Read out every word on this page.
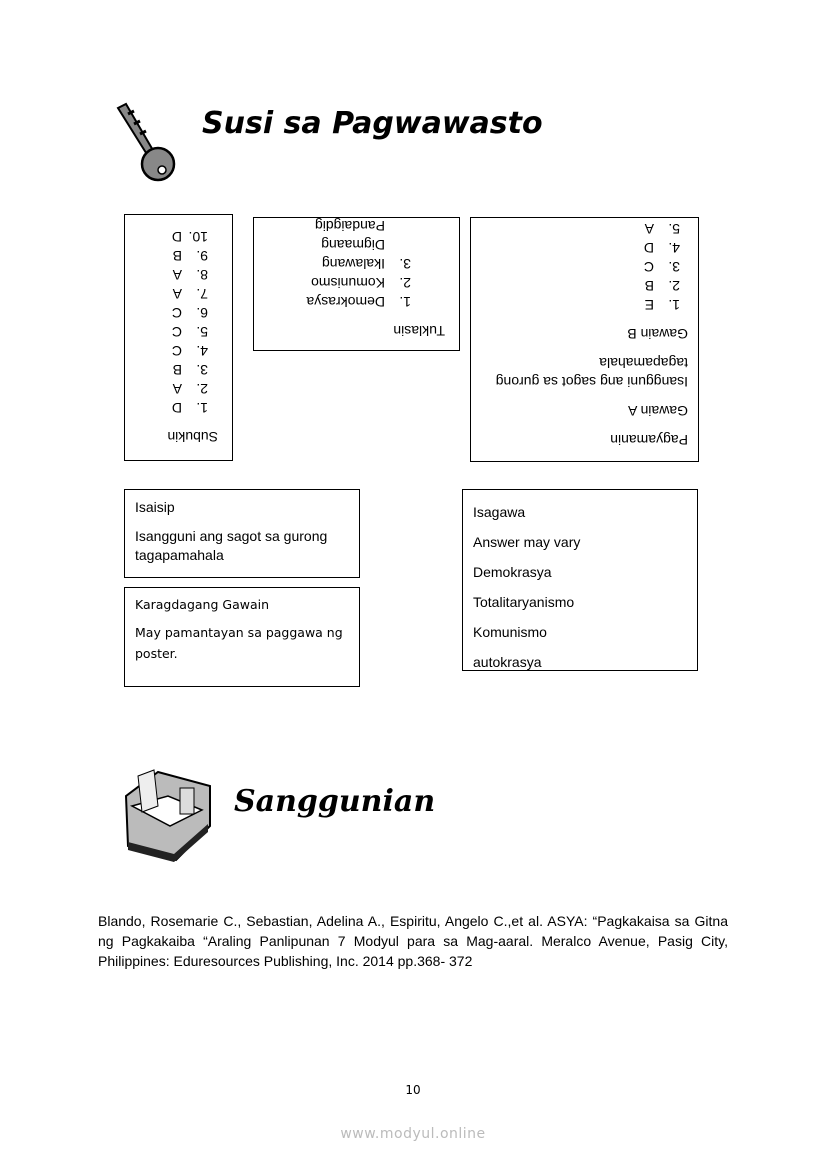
Susi sa Pagwawasto
Subukin
1.D
2.A
3.B
4.C
5.C
6.C
7.A
8.A
9.B
10.D
Tuklasin
1.Demokrasya
2.Komunismo
3.Ikalawang
Digmaang
Pandaigdig
Pagyamanin
Gawain A
Isangguni ang sagot sa gurong tagapamahala
Gawain B
1.E
2.B
3.C
4.D
5.A
Isaisip
Isangguni ang sagot sa gurong tagapamahala
Karagdagang Gawain
May pamantayan sa paggawa ng poster.
Isagawa
Answer may vary
Demokrasya
Totalitaryanismo
Komunismo
autokrasya
Sanggunian

Blando, Rosemarie C., Sebastian, Adelina A., Espiritu, Angelo C.,et al. ASYA: “Pagkakaisa sa Gitna ng Pagkakaiba “Araling Panlipunan 7 Modyul para sa Mag-aaral. Meralco Avenue, Pasig City, Philippines: Eduresources Publishing, Inc. 2014 pp.368- 372

10
www.modyul.online
